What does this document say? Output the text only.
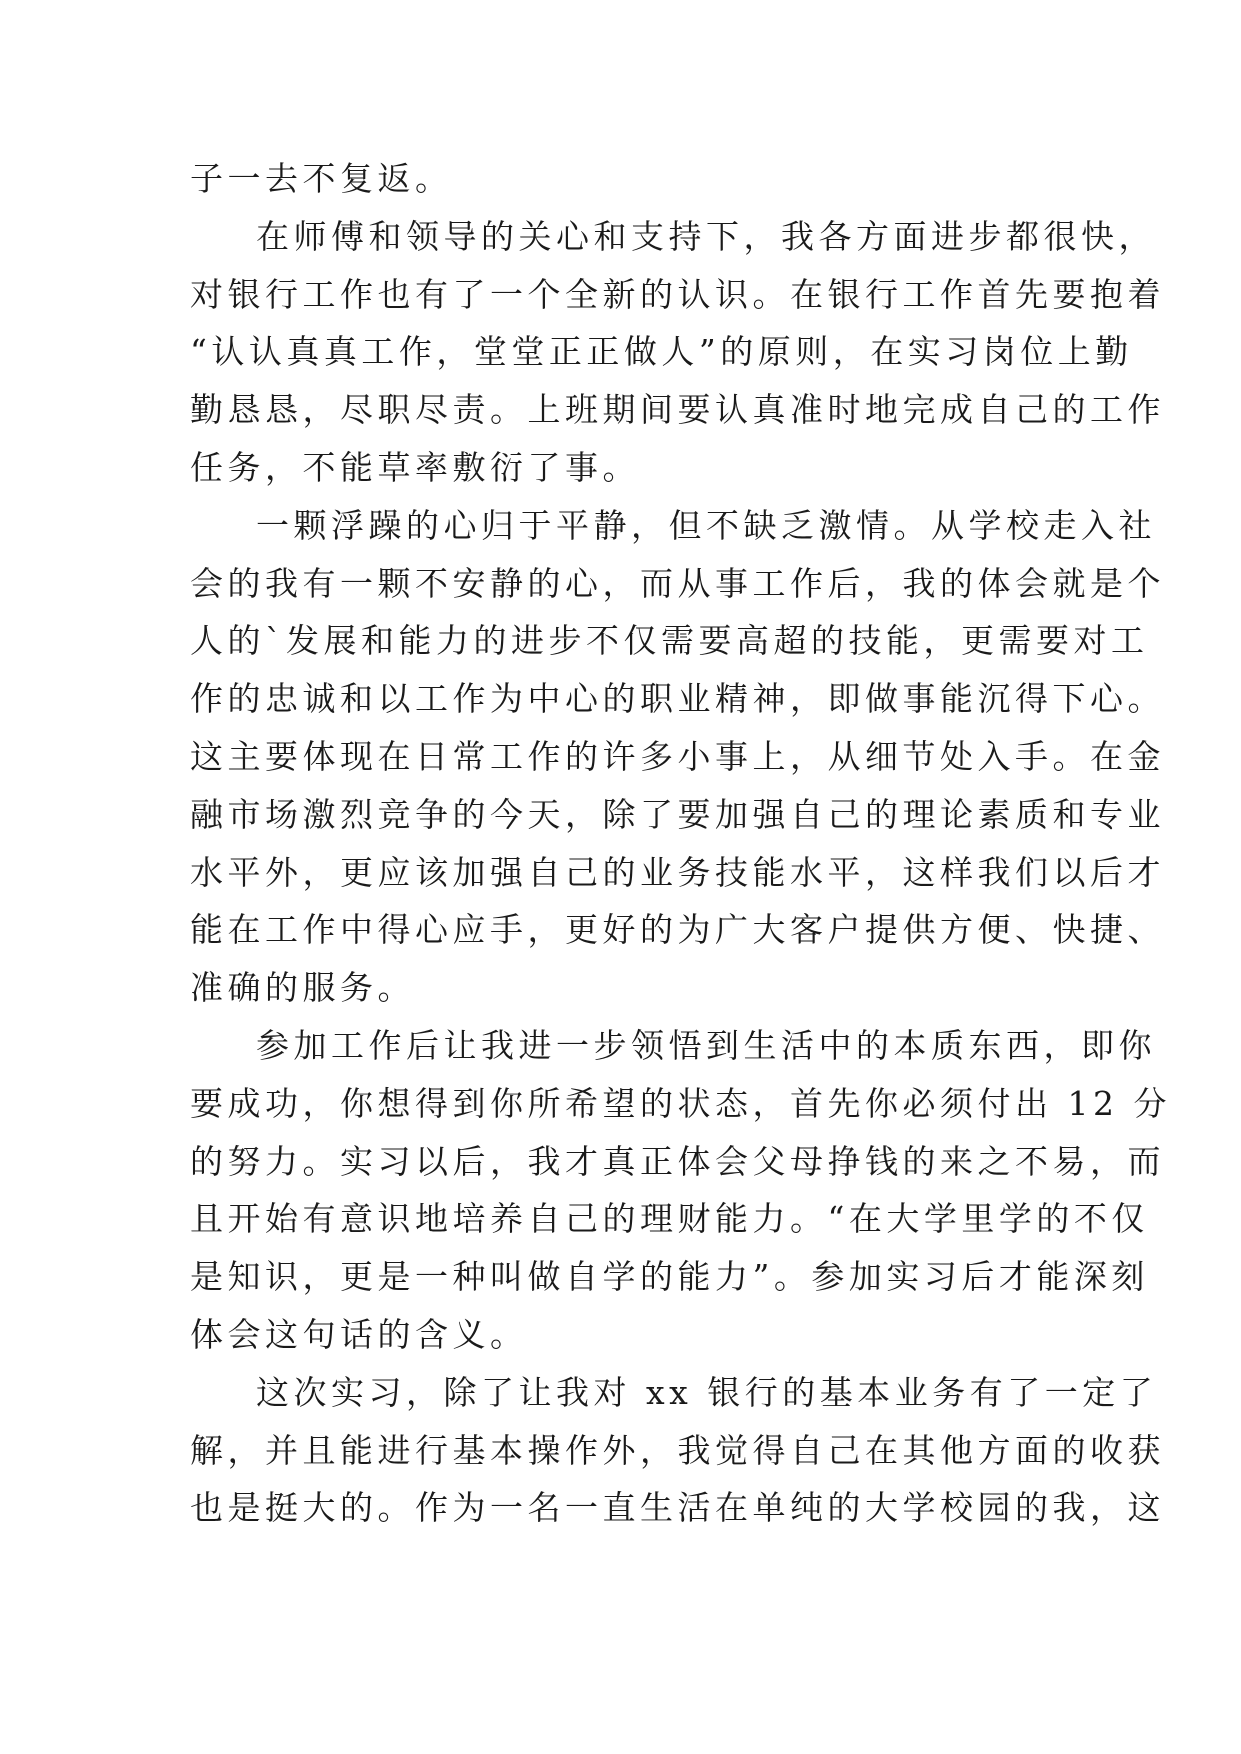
子一去不复返。
在师傅和领导的关心和支持下，我各方面进步都很快，
对银行工作也有了一个全新的认识。在银行工作首先要抱着
“认认真真工作，堂堂正正做人”的原则，在实习岗位上勤
勤恳恳，尽职尽责。上班期间要认真准时地完成自己的工作
任务，不能草率敷衍了事。
一颗浮躁的心归于平静，但不缺乏激情。从学校走入社
会的我有一颗不安静的心，而从事工作后，我的体会就是个
人的`发展和能力的进步不仅需要高超的技能，更需要对工
作的忠诚和以工作为中心的职业精神，即做事能沉得下心。
这主要体现在日常工作的许多小事上，从细节处入手。在金
融市场激烈竞争的今天，除了要加强自己的理论素质和专业
水平外，更应该加强自己的业务技能水平，这样我们以后才
能在工作中得心应手，更好的为广大客户提供方便、快捷、
准确的服务。
参加工作后让我进一步领悟到生活中的本质东西，即你
要成功，你想得到你所希望的状态，首先你必须付出 12 分
的努力。实习以后，我才真正体会父母挣钱的来之不易，而
且开始有意识地培养自己的理财能力。“在大学里学的不仅
是知识，更是一种叫做自学的能力”。参加实习后才能深刻
体会这句话的含义。
这次实习，除了让我对 xx 银行的基本业务有了一定了
解，并且能进行基本操作外，我觉得自己在其他方面的收获
也是挺大的。作为一名一直生活在单纯的大学校园的我，这
